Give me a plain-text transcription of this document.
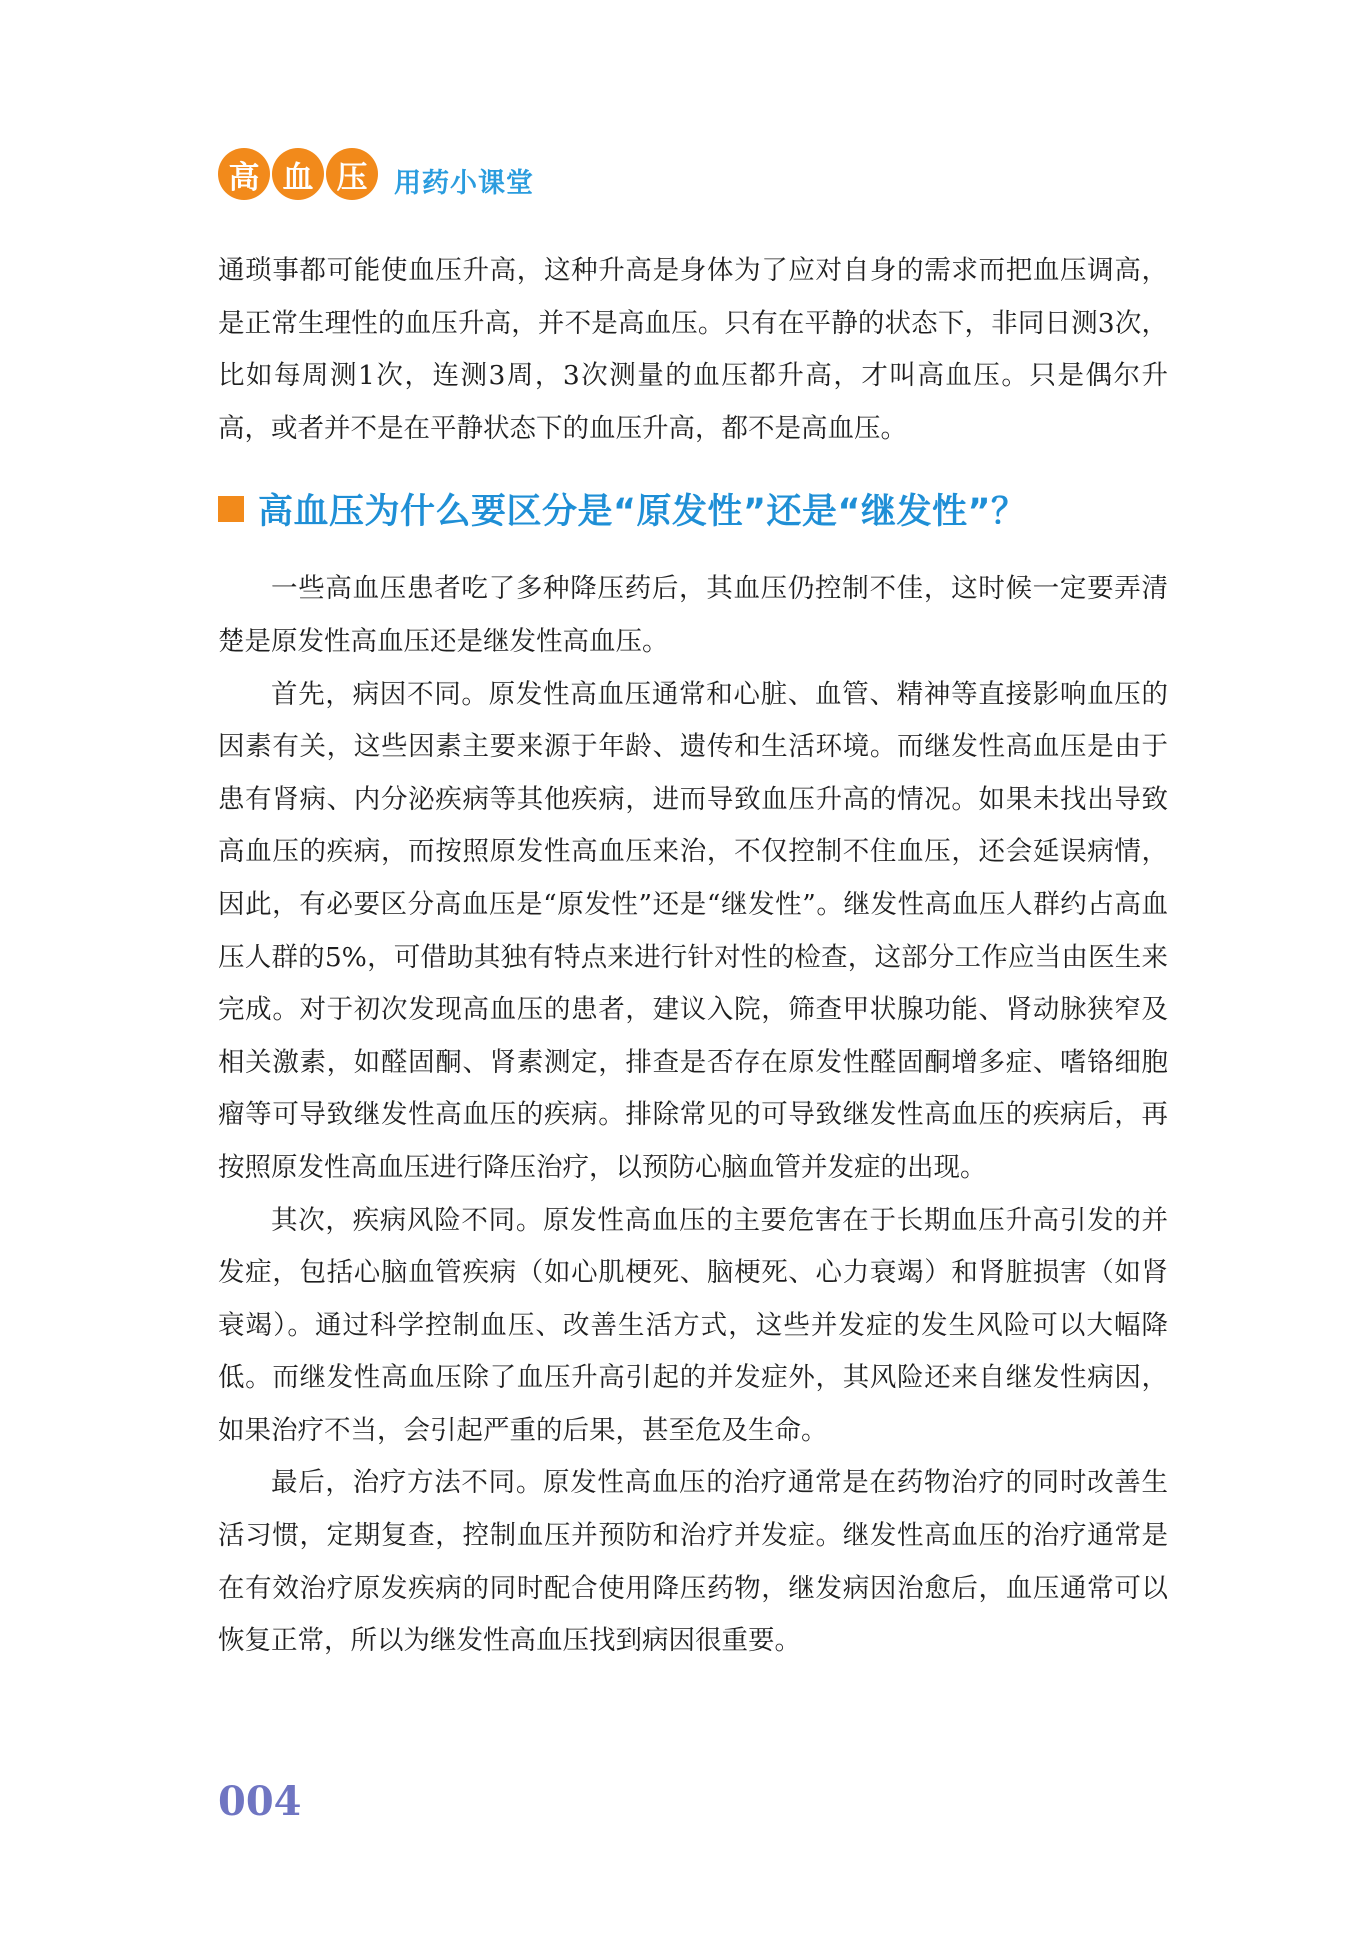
高 血 压 用药小课堂

通琐事都可能使血压升高，这种升高是身体为了应对自身的需求而把血压调高，是正常生理性的血压升高，并不是高血压。只有在平静的状态下，非同日测3次，比如每周测1次，连测3周，3次测量的血压都升高，才叫高血压。只是偶尔升高，或者并不是在平静状态下的血压升高，都不是高血压。

高血压为什么要区分是“原发性”还是“继发性”？

一些高血压患者吃了多种降压药后，其血压仍控制不佳，这时候一定要弄清楚是原发性高血压还是继发性高血压。

首先，病因不同。原发性高血压通常和心脏、血管、精神等直接影响血压的因素有关，这些因素主要来源于年龄、遗传和生活环境。而继发性高血压是由于患有肾病、内分泌疾病等其他疾病，进而导致血压升高的情况。如果未找出导致高血压的疾病，而按照原发性高血压来治，不仅控制不住血压，还会延误病情，因此，有必要区分高血压是“原发性”还是“继发性”。继发性高血压人群约占高血压人群的5%，可借助其独有特点来进行针对性的检查，这部分工作应当由医生来完成。对于初次发现高血压的患者，建议入院，筛查甲状腺功能、肾动脉狭窄及相关激素，如醛固酮、肾素测定，排查是否存在原发性醛固酮增多症、嗜铬细胞瘤等可导致继发性高血压的疾病。排除常见的可导致继发性高血压的疾病后，再按照原发性高血压进行降压治疗，以预防心脑血管并发症的出现。

其次，疾病风险不同。原发性高血压的主要危害在于长期血压升高引发的并发症，包括心脑血管疾病（如心肌梗死、脑梗死、心力衰竭）和肾脏损害（如肾衰竭）。通过科学控制血压、改善生活方式，这些并发症的发生风险可以大幅降低。而继发性高血压除了血压升高引起的并发症外，其风险还来自继发性病因，如果治疗不当，会引起严重的后果，甚至危及生命。

最后，治疗方法不同。原发性高血压的治疗通常是在药物治疗的同时改善生活习惯，定期复查，控制血压并预防和治疗并发症。继发性高血压的治疗通常是在有效治疗原发疾病的同时配合使用降压药物，继发病因治愈后，血压通常可以恢复正常，所以为继发性高血压找到病因很重要。

004
